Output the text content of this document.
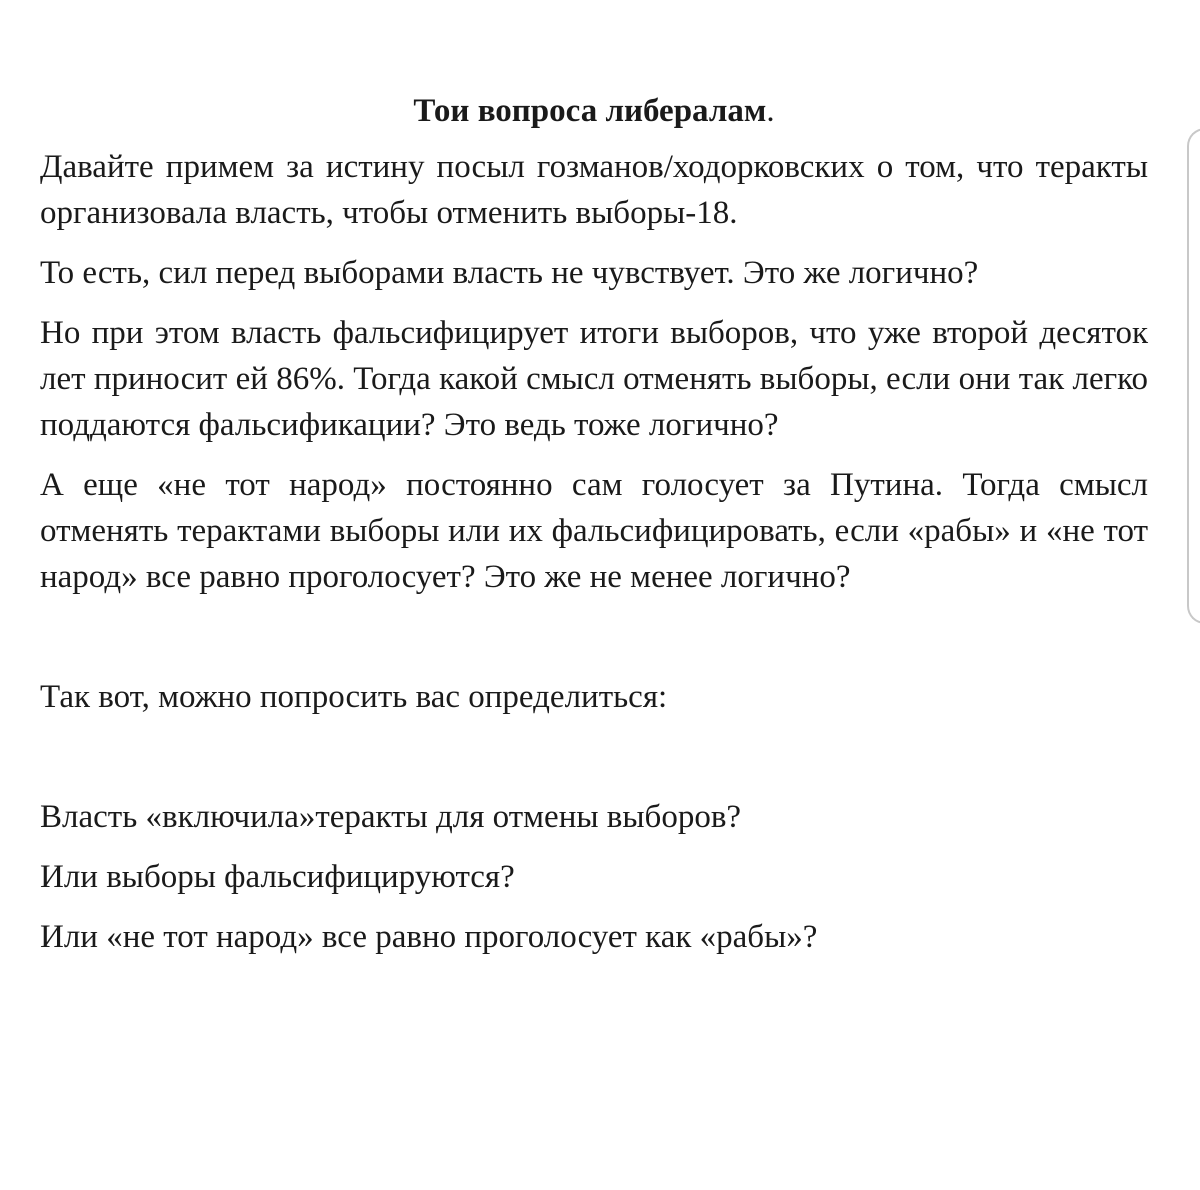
Тои вопроса либералам.

Давайте примем за истину посыл гозманов/ходорковских о том, что теракты организовала власть, чтобы отменить выборы-18.

То есть, сил перед выборами власть не чувствует. Это же логично?

Но при этом власть фальсифицирует итоги выборов, что уже второй десяток лет приносит ей 86%. Тогда какой смысл отменять выборы, если они так легко поддаются фальсификации? Это ведь тоже логично?

А еще «не тот народ» постоянно сам голосует за Путина. Тогда смысл отменять терактами выборы или их фальсифицировать, если «рабы» и «не тот народ» все равно проголосует? Это же не менее логично?

Так вот, можно попросить вас определиться:

Власть «включила»теракты для отмены выборов?

Или выборы фальсифицируются?

Или «не тот народ» все равно проголосует как «рабы»?
